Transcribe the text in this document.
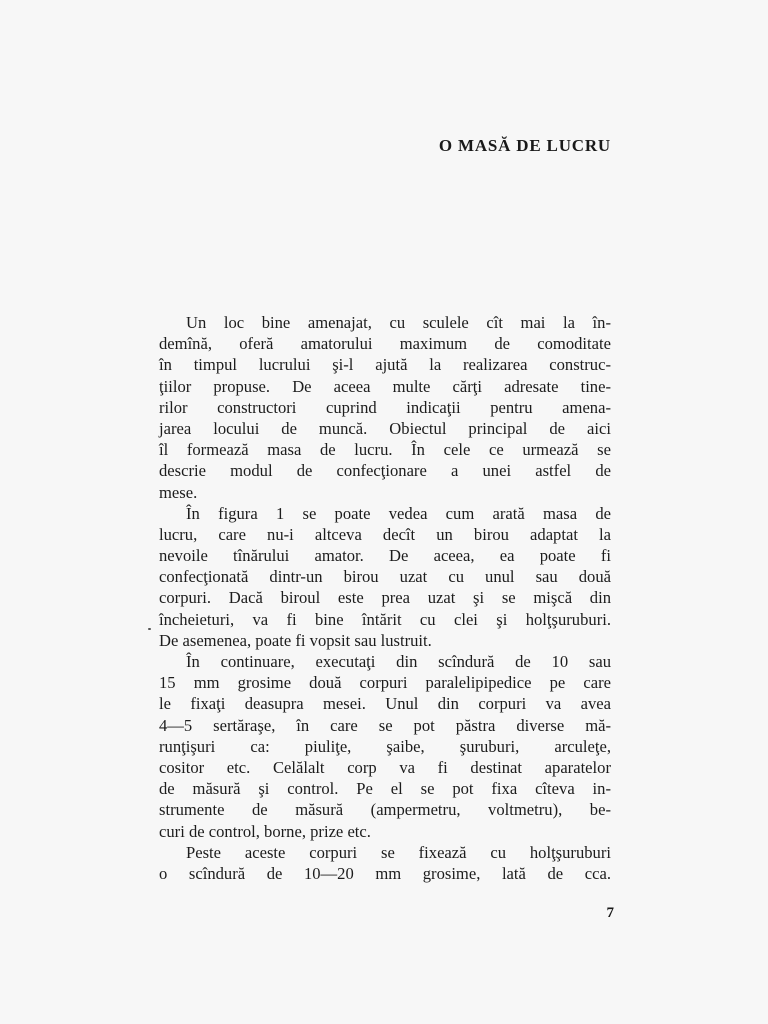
O MASĂ DE LUCRU

Un loc bine amenajat, cu sculele cît mai la în-
demînă, oferă amatorului maximum de comoditate
în timpul lucrului şi-l ajută la realizarea construc-
ţiilor propuse. De aceea multe cărţi adresate tine-
rilor constructori cuprind indicaţii pentru amena-
jarea locului de muncă. Obiectul principal de aici
îl formează masa de lucru. În cele ce urmează se
descrie modul de confecţionare a unei astfel de
mese.

În figura 1 se poate vedea cum arată masa de
lucru, care nu-i altceva decît un birou adaptat la
nevoile tînărului amator. De aceea, ea poate fi
confecţionată dintr-un birou uzat cu unul sau două
corpuri. Dacă biroul este prea uzat şi se mişcă din
încheieturi, va fi bine întărit cu clei şi holţşuruburi.
De asemenea, poate fi vopsit sau lustruit.

În continuare, executaţi din scîndură de 10 sau
15 mm grosime două corpuri paralelipipedice pe care
le fixaţi deasupra mesei. Unul din corpuri va avea
4—5 sertăraşe, în care se pot păstra diverse mă-
runţişuri ca: piuliţe, şaibe, şuruburi, arculeţe,
cositor etc. Celălalt corp va fi destinat aparatelor
de măsură şi control. Pe el se pot fixa cîteva in-
strumente de măsură (ampermetru, voltmetru), be-
curi de control, borne, prize etc.

Peste aceste corpuri se fixează cu holţşuruburi
o scîndură de 10—20 mm grosime, lată de cca.

7
